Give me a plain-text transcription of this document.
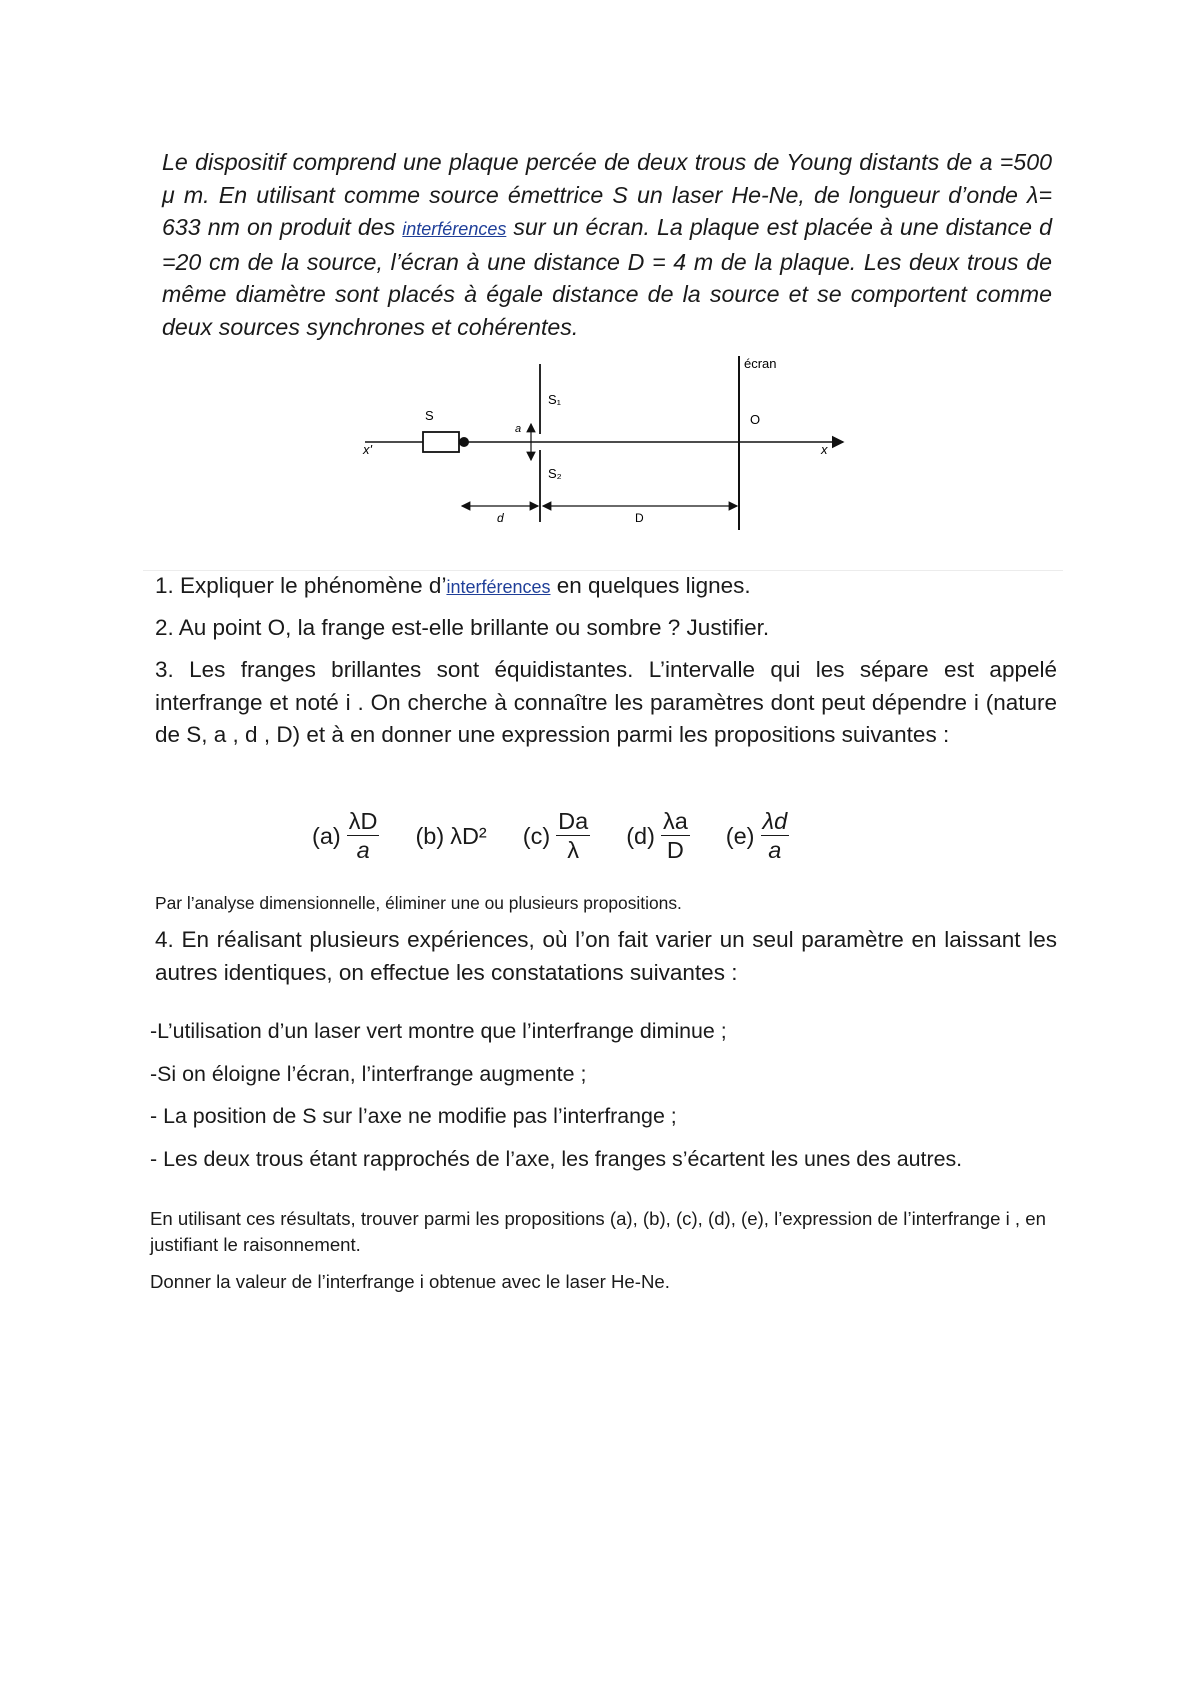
Le dispositif comprend une plaque percée de deux trous de Young distants de a =500 μ m. En utilisant comme source émettrice S un laser He-Ne, de longueur d’onde λ= 633 nm on produit des interférences sur un écran. La plaque est placée à une distance d =20 cm de la source, l’écran à une distance D = 4 m de la plaque. Les deux trous de même diamètre sont placés à égale distance de la source et se comportent comme deux sources synchrones et cohérentes.
x'	x
S
a
S₁
S₂
écran
O
d	D
1. Expliquer le phénomène d’interférences en quelques lignes.
2. Au point O, la frange est-elle brillante ou sombre ? Justifier.
3. Les franges brillantes sont équidistantes. L’intervalle qui les sépare est appelé interfrange et noté i . On cherche à connaître les paramètres dont peut dépendre i (nature de S, a , d , D) et à en donner une expression parmi les propositions suivantes :
$(a) \frac{\lambda D}{a} (b)$ λD² $(c) \frac{Da}{\lambda} (d) \frac{\lambda a}{D} (e) \frac{\lambda d}{a}$
Par l’analyse dimensionnelle, éliminer une ou plusieurs propositions.
4. En réalisant plusieurs expériences, où l’on fait varier un seul paramètre en laissant les autres identiques, on effectue les constatations suivantes :
-L’utilisation d’un laser vert montre que l’interfrange diminue ;
-Si on éloigne l’écran, l’interfrange augmente ;
- La position de S sur l’axe ne modifie pas l’interfrange ;
- Les deux trous étant rapprochés de l’axe, les franges s’écartent les unes des autres.
En utilisant ces résultats, trouver parmi les propositions (a), (b), (c), (d), (e), l’expression de l’interfrange i , en justifiant le raisonnement.
Donner la valeur de l’interfrange i obtenue avec le laser He-Ne.
